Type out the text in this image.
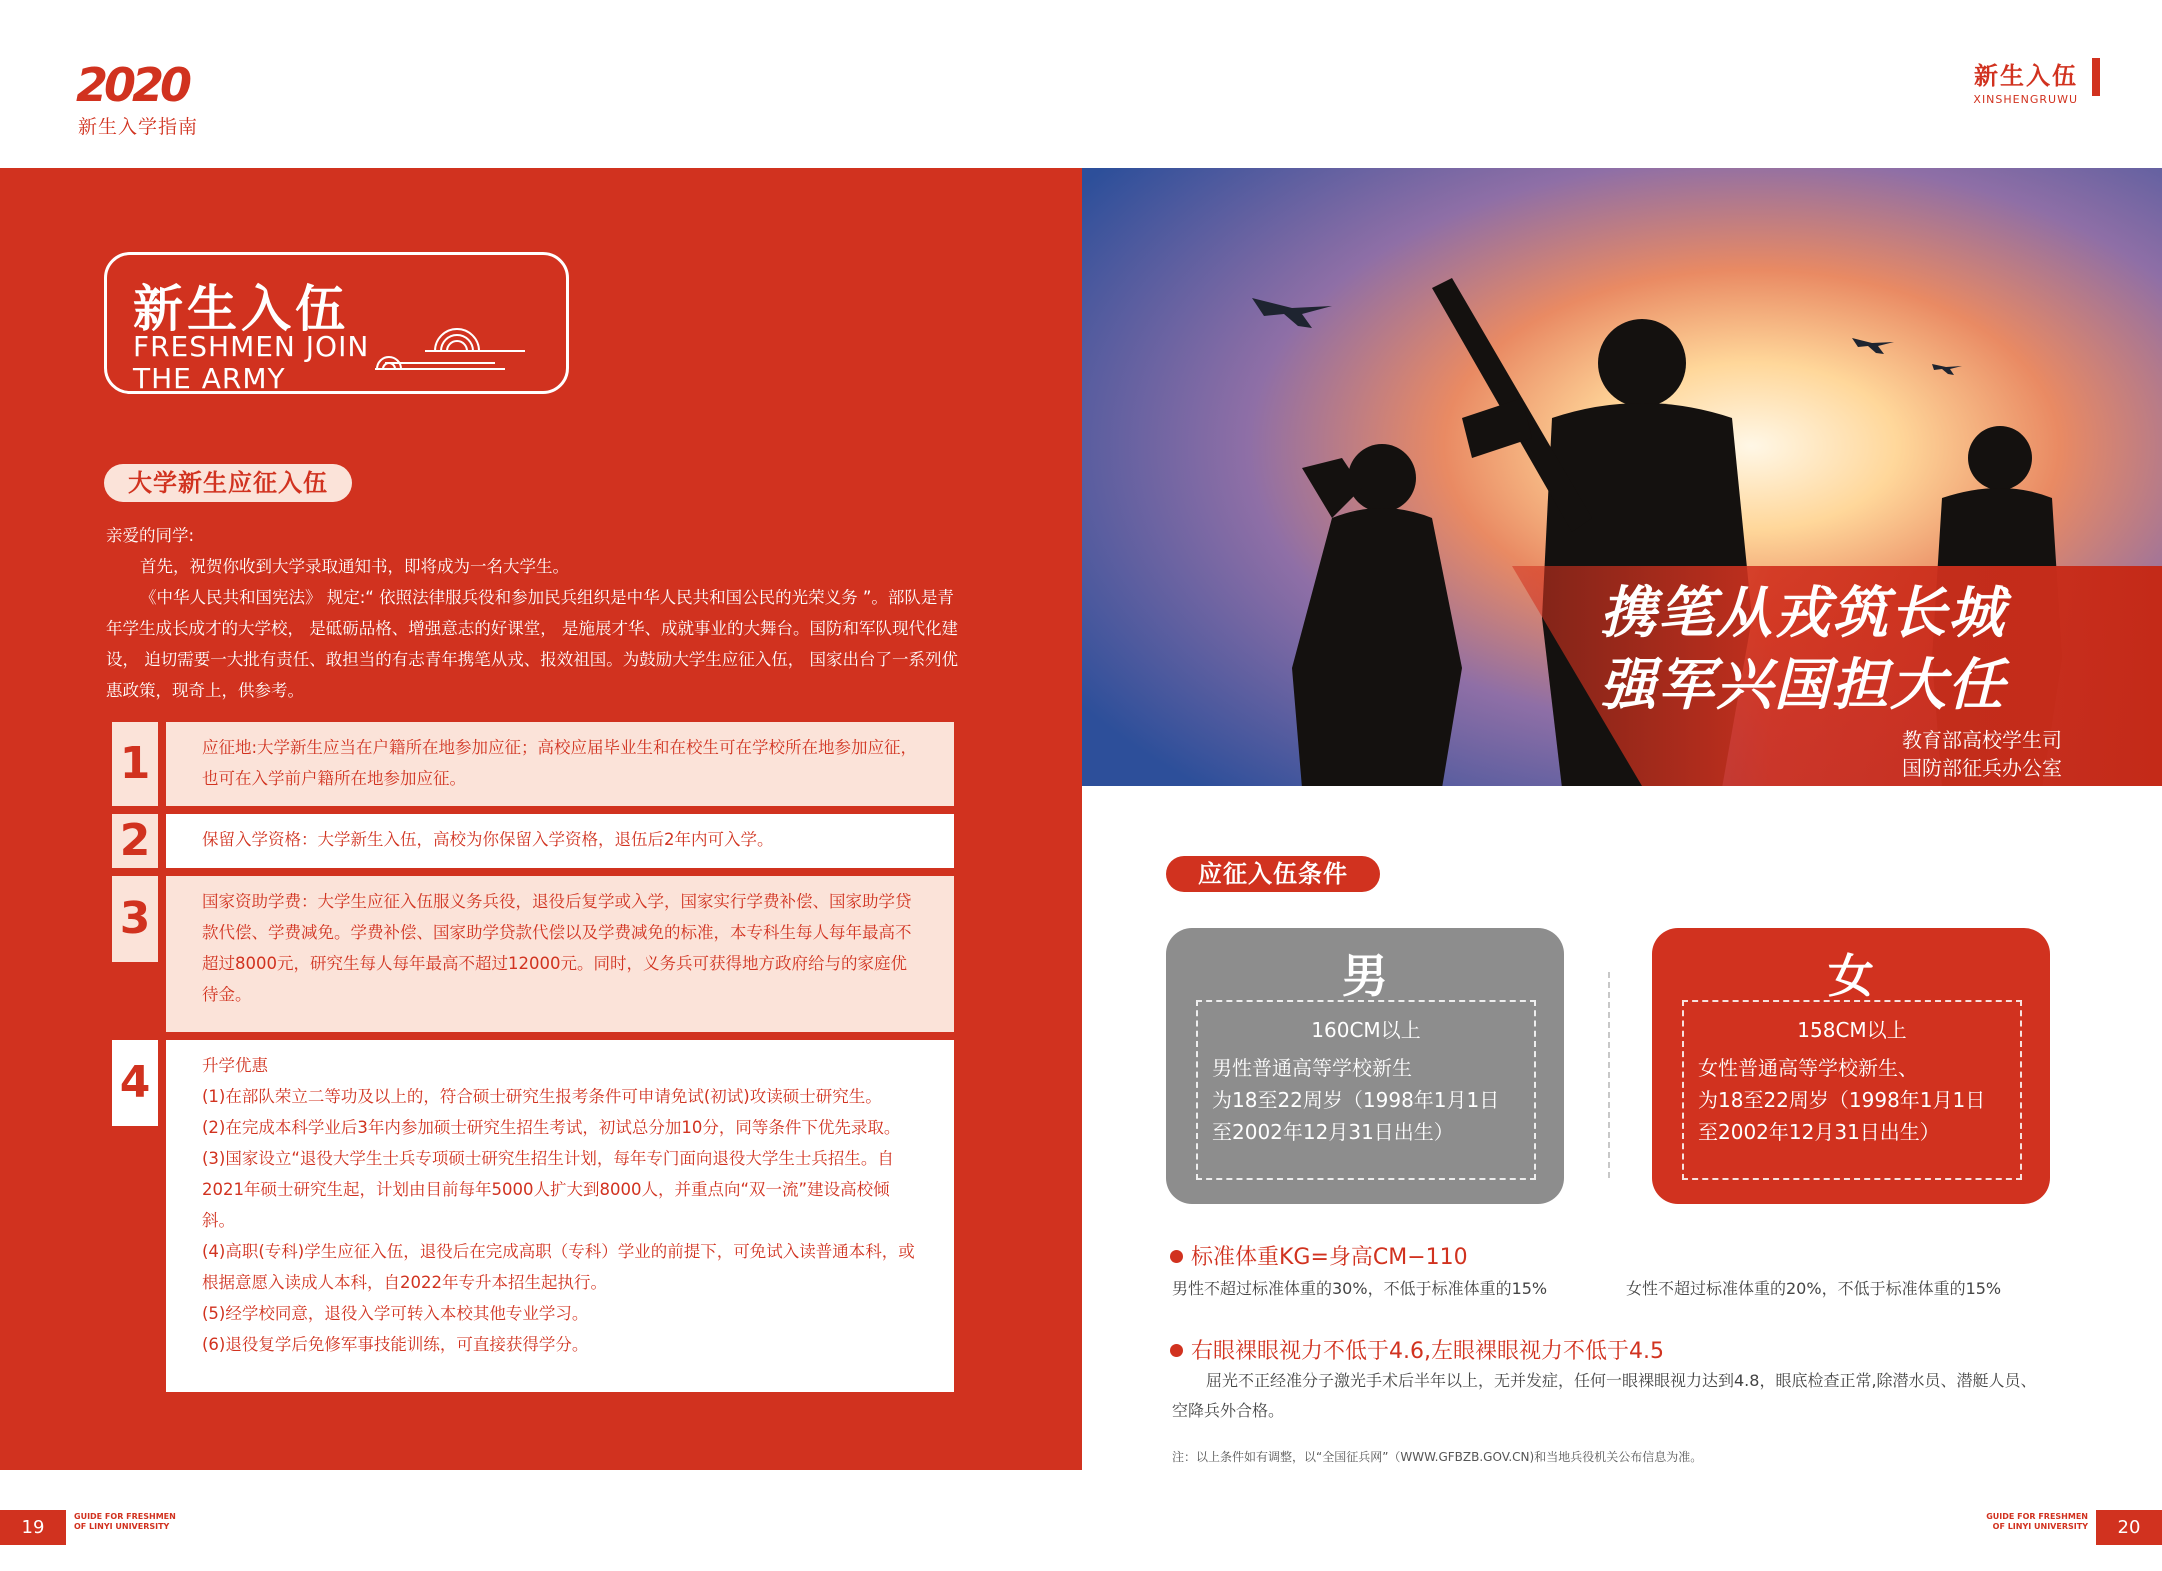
2020
新生入学指南
新生入伍
XINSHENGRUWU
新生入伍
FRESHMEN JOIN
THE ARMY
大学新生应征入伍

亲爱的同学:

首先，祝贺你收到大学录取通知书，即将成为一名大学生。

《中华人民共和国宪法》 规定:“ 依照法律服兵役和参加民兵组织是中华人民共和国公民的光荣义务 ”。部队是青年学生成长成才的大学校， 是砥砺品格、增强意志的好课堂， 是施展才华、成就事业的大舞台。国防和军队现代化建设， 迫切需要一大批有责任、敢担当的有志青年携笔从戎、报效祖国。为鼓励大学生应征入伍， 国家出台了一系列优惠政策，现奇上，供参考。

1	应征地:大学新生应当在户籍所在地参加应征；高校应届毕业生和在校生可在学校所在地参加应征，也可在入学前户籍所在地参加应征。

2	保留入学资格：大学新生入伍，高校为你保留入学资格，退伍后2年内可入学。

3	国家资助学费：大学生应征入伍服义务兵役，退役后复学或入学，国家实行学费补偿、国家助学贷款代偿、学费减免。学费补偿、国家助学贷款代偿以及学费减免的标准，本专科生每人每年最高不超过8000元，研究生每人每年最高不超过12000元。同时，义务兵可获得地方政府给与的家庭优待金。

4	升学优惠

(1)在部队荣立二等功及以上的，符合硕士研究生报考条件可申请免试(初试)攻读硕士研究生。

(2)在完成本科学业后3年内参加硕士研究生招生考试，初试总分加10分，同等条件下优先录取。

(3)国家设立“退役大学生士兵专项硕士研究生招生计划，每年专门面向退役大学生士兵招生。自2021年硕士研究生起，计划由目前每年5000人扩大到8000人，并重点向“双一流”建设高校倾斜。

(4)高职(专科)学生应征入伍，退役后在完成高职（专科）学业的前提下，可免试入读普通本科，或根据意愿入读成人本科，自2022年专升本招生起执行。

(5)经学校同意，退役入学可转入本校其他专业学习。

(6)退役复学后免修军事技能训练，可直接获得学分。

携笔从戎筑长城
强军兴国担大任
教育部高校学生司
国防部征兵办公室
应征入伍条件
男
160CM以上
男性普通高等学校新生
为18至22周岁（1998年1月1日
至2002年12月31日出生）
女
158CM以上
女性普通高等学校新生、
为18至22周岁（1998年1月1日
至2002年12月31日出生）
标准体重KG=身高CM−110
男性不超过标准体重的30%，不低于标准体重的15%	女性不超过标准体重的20%，不低于标准体重的15%
右眼裸眼视力不低于4.6,左眼裸眼视力不低于4.5
屈光不正经准分子激光手术后半年以上，无并发症，任何一眼裸眼视力达到4.8，眼底检查正常,除潜水员、潜艇人员、空降兵外合格。
注：以上条件如有调整，以“全国征兵网”（WWW.GFBZB.GOV.CN)和当地兵役机关公布信息为准。
19
GUIDE FOR FRESHMEN
OF LINYI UNIVERSITY
GUIDE FOR FRESHMEN
OF LINYI UNIVERSITY	20
